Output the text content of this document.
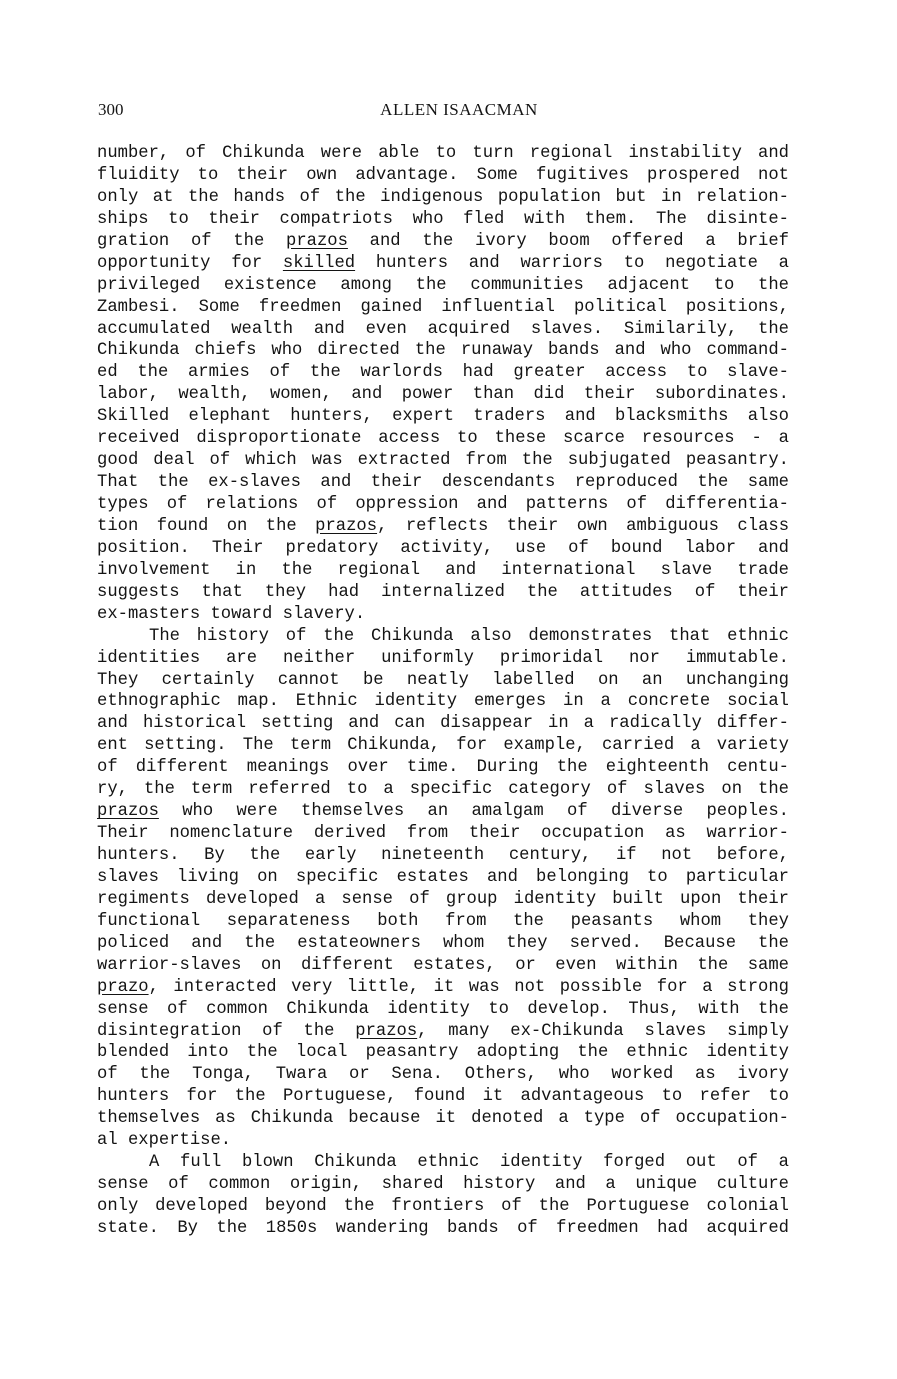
300	ALLEN ISAACMAN
number, of Chikunda were able to turn regional instability and
fluidity to their own advantage. Some fugitives prospered not
only at the hands of the indigenous population but in relation-
ships to their compatriots who fled with them. The disinte-
gration of the prazos and the ivory boom offered a brief
opportunity for skilled hunters and warriors to negotiate a
privileged existence among the communities adjacent to the
Zambesi. Some freedmen gained influential political positions,
accumulated wealth and even acquired slaves. Similarily, the
Chikunda chiefs who directed the runaway bands and who command-
ed the armies of the warlords had greater access to slave-
labor, wealth, women, and power than did their subordinates.
Skilled elephant hunters, expert traders and blacksmiths also
received disproportionate access to these scarce resources - a
good deal of which was extracted from the subjugated peasantry.
That the ex-slaves and their descendants reproduced the same
types of relations of oppression and patterns of differentia-
tion found on the prazos, reflects their own ambiguous class
position. Their predatory activity, use of bound labor and
involvement in the regional and international slave trade
suggests that they had internalized the attitudes of their
ex-masters toward slavery.
The history of the Chikunda also demonstrates that ethnic
identities are neither uniformly primoridal nor immutable.
They certainly cannot be neatly labelled on an unchanging
ethnographic map. Ethnic identity emerges in a concrete social
and historical setting and can disappear in a radically differ-
ent setting. The term Chikunda, for example, carried a variety
of different meanings over time. During the eighteenth centu-
ry, the term referred to a specific category of slaves on the
prazos who were themselves an amalgam of diverse peoples.
Their nomenclature derived from their occupation as warrior-
hunters. By the early nineteenth century, if not before,
slaves living on specific estates and belonging to particular
regiments developed a sense of group identity built upon their
functional separateness both from the peasants whom they
policed and the estateowners whom they served. Because the
warrior-slaves on different estates, or even within the same
prazo, interacted very little, it was not possible for a strong
sense of common Chikunda identity to develop. Thus, with the
disintegration of the prazos, many ex-Chikunda slaves simply
blended into the local peasantry adopting the ethnic identity
of the Tonga, Twara or Sena. Others, who worked as ivory
hunters for the Portuguese, found it advantageous to refer to
themselves as Chikunda because it denoted a type of occupation-
al expertise.
A full blown Chikunda ethnic identity forged out of a
sense of common origin, shared history and a unique culture
only developed beyond the frontiers of the Portuguese colonial
state. By the 1850s wandering bands of freedmen had acquired
